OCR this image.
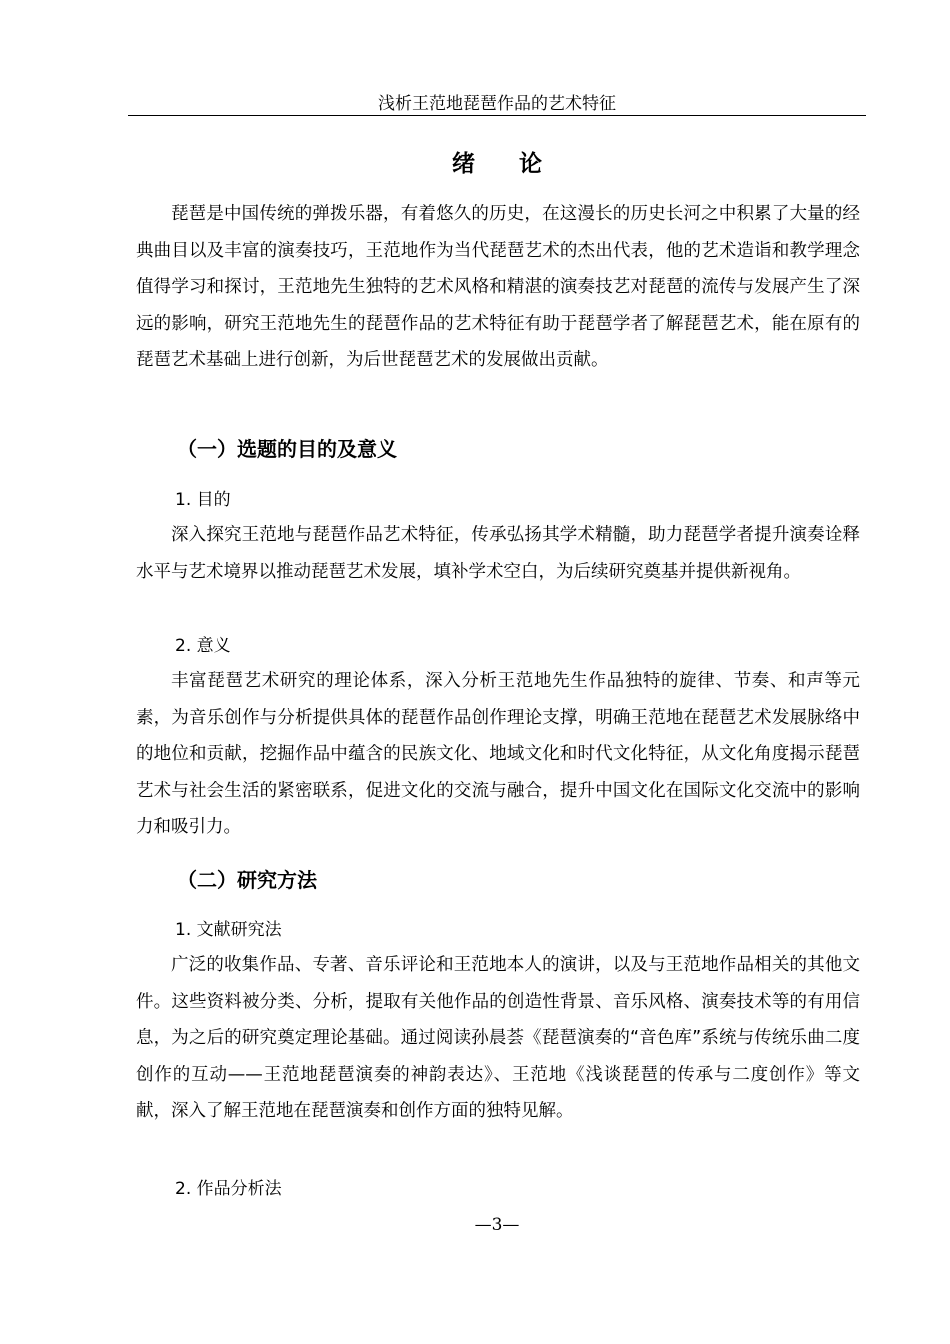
浅析王范地琵琶作品的艺术特征
绪论

琵琶是中国传统的弹拨乐器，有着悠久的历史，在这漫长的历史长河之中积累了大量的经典曲目以及丰富的演奏技巧，王范地作为当代琵琶艺术的杰出代表，他的艺术造诣和教学理念值得学习和探讨，王范地先生独特的艺术风格和精湛的演奏技艺对琵琶的流传与发展产生了深远的影响，研究王范地先生的琵琶作品的艺术特征有助于琵琶学者了解琵琶艺术，能在原有的琵琶艺术基础上进行创新，为后世琵琶艺术的发展做出贡献。

（一）选题的目的及意义
1. 目的

深入探究王范地与琵琶作品艺术特征，传承弘扬其学术精髓，助力琵琶学者提升演奏诠释水平与艺术境界以推动琵琶艺术发展，填补学术空白，为后续研究奠基并提供新视角。

2. 意义

丰富琵琶艺术研究的理论体系，深入分析王范地先生作品独特的旋律、节奏、和声等元素，为音乐创作与分析提供具体的琵琶作品创作理论支撑，明确王范地在琵琶艺术发展脉络中的地位和贡献，挖掘作品中蕴含的民族文化、地域文化和时代文化特征，从文化角度揭示琵琶艺术与社会生活的紧密联系，促进文化的交流与融合，提升中国文化在国际文化交流中的影响力和吸引力。

（二）研究方法
1. 文献研究法

广泛的收集作品、专著、音乐评论和王范地本人的演讲，以及与王范地作品相关的其他文件。这些资料被分类、分析，提取有关他作品的创造性背景、音乐风格、演奏技术等的有用信息，为之后的研究奠定理论基础。通过阅读孙晨荟《琵琶演奏的“音色库”系统与传统乐曲二度创作的互动——王范地琵琶演奏的神韵表达》、王范地《浅谈琵琶的传承与二度创作》等文献，深入了解王范地在琵琶演奏和创作方面的独特见解。

2. 作品分析法
—3—
